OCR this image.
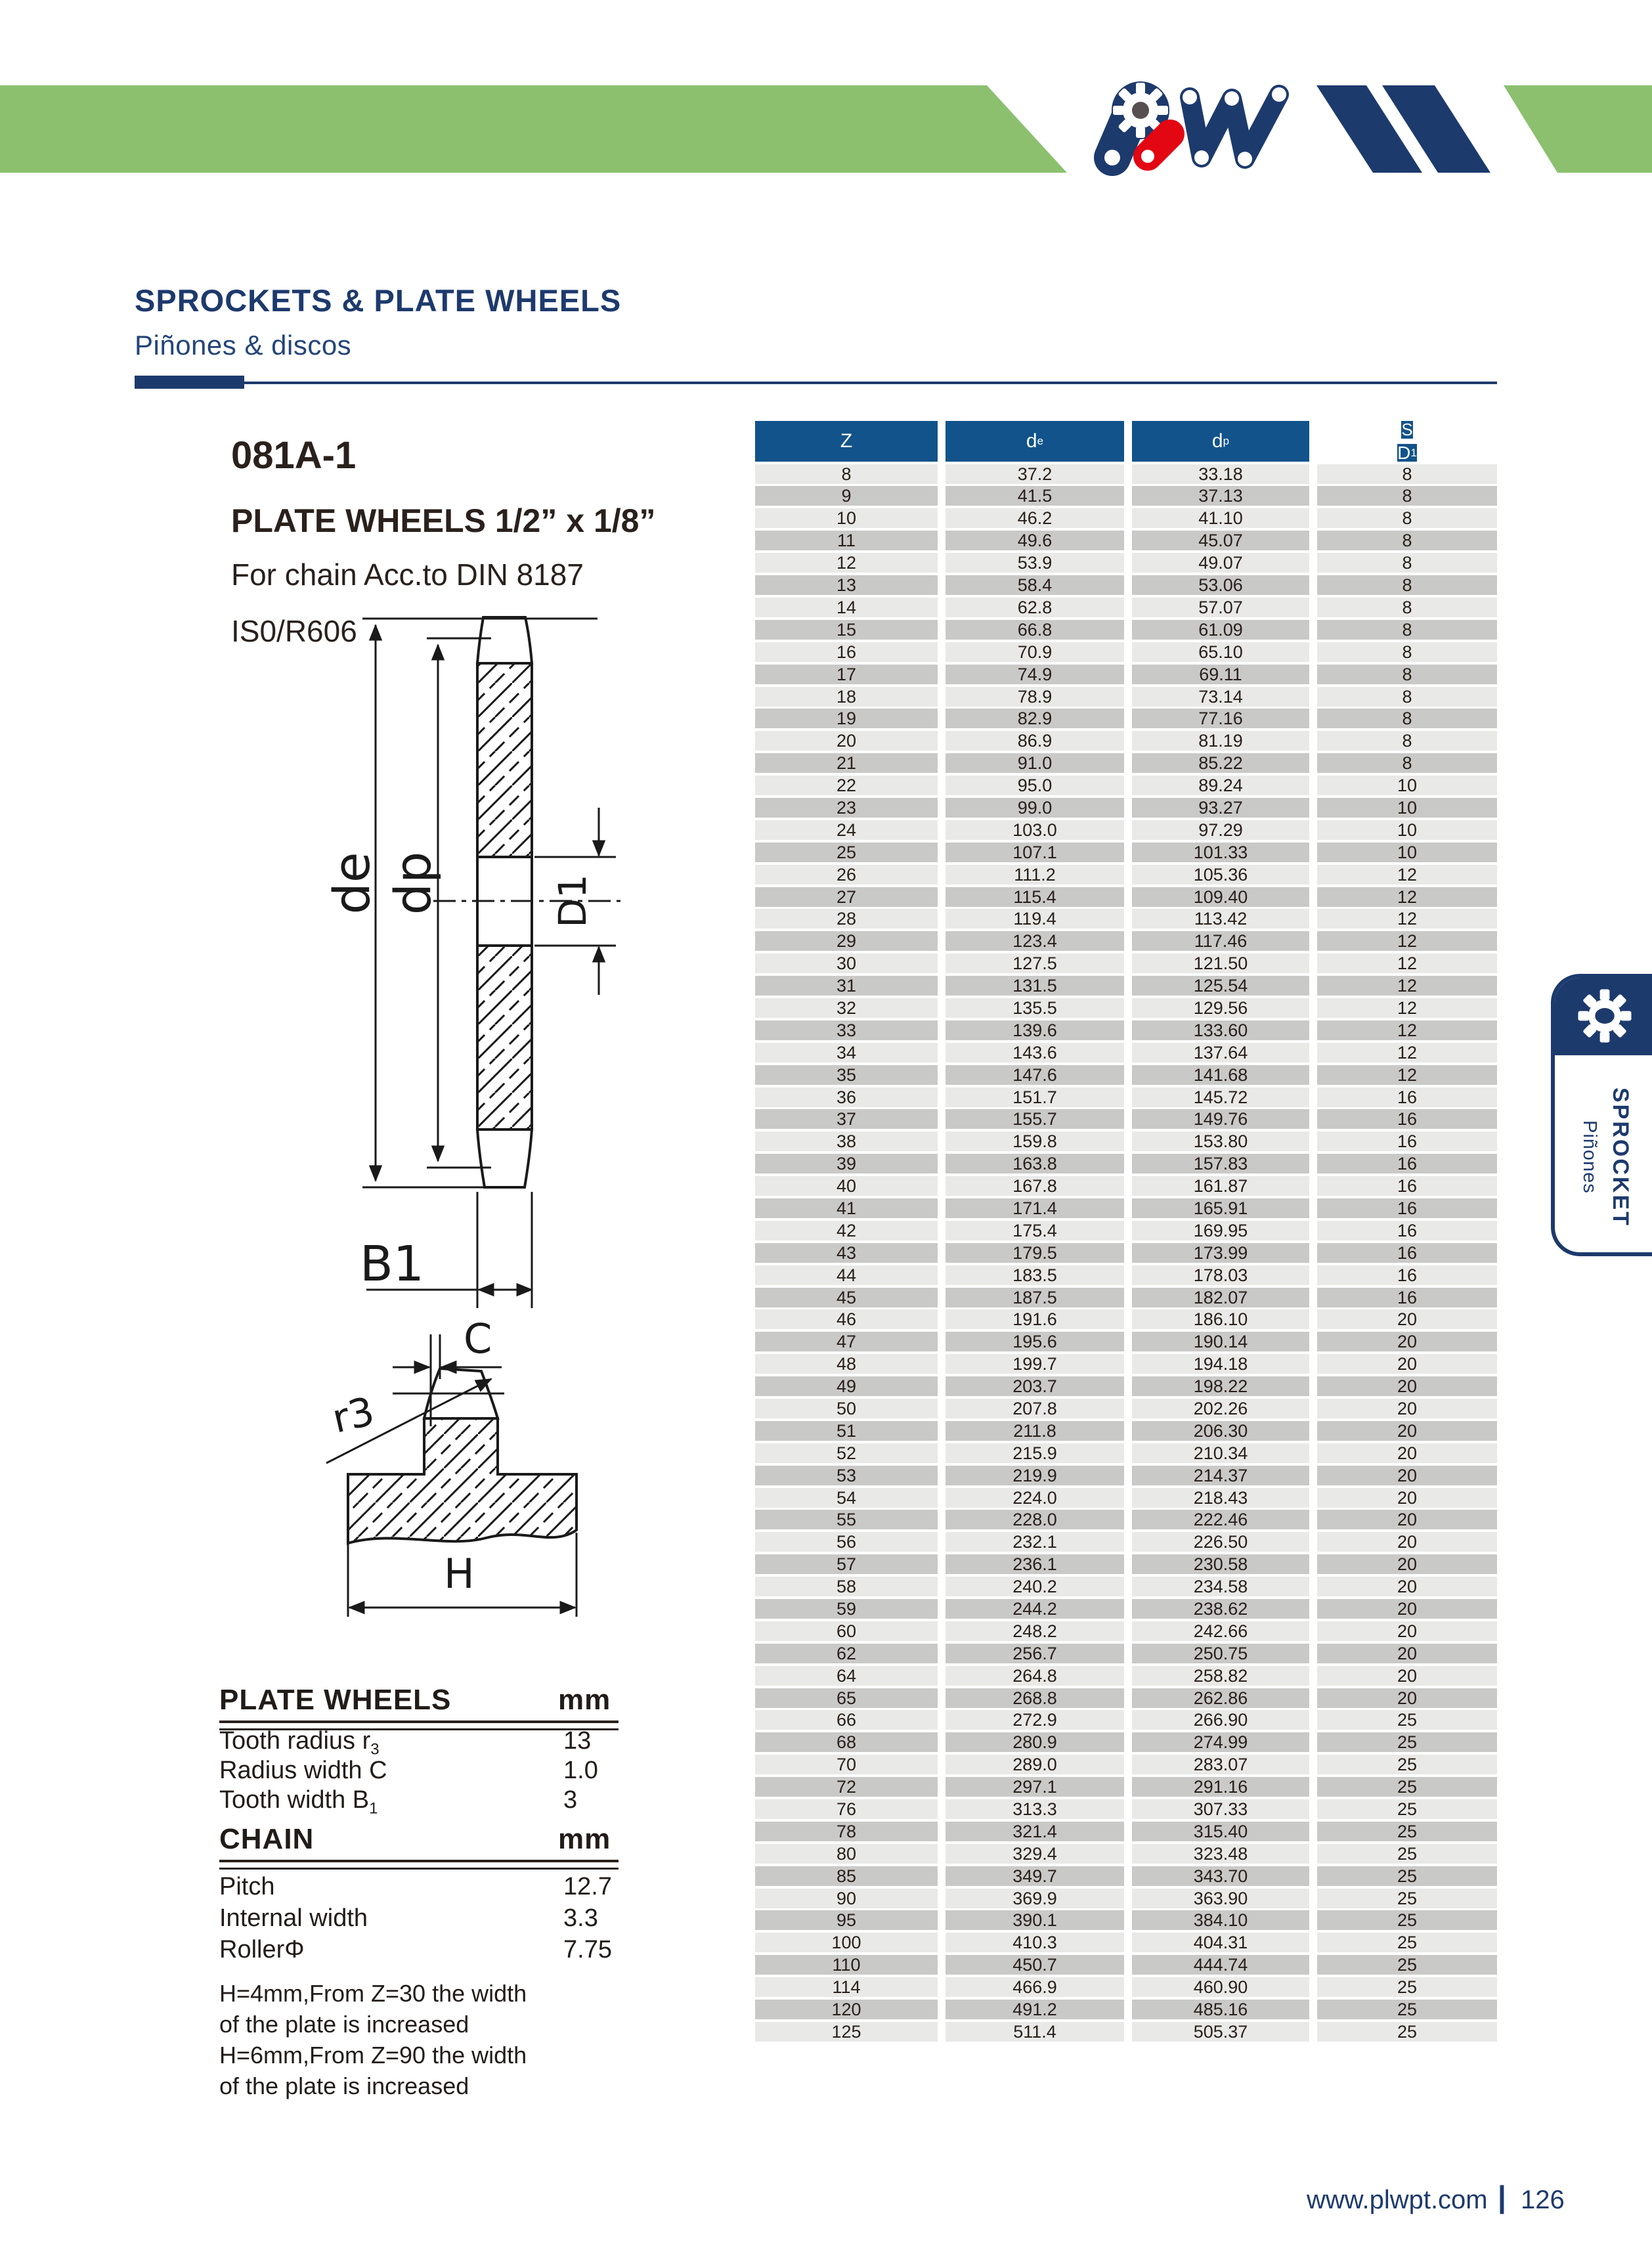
SPROCKETS & PLATE WHEELS
Piñones & discos
081A-1
PLATE WHEELS 1/2” x 1/8”
For chain Acc.to DIN 8187
IS0/R606
de dp	D1
B1
C
r3
H
PLATE WHEELS	mm
Tooth radius $r_3$	13
Radius width C	1.0
Tooth width $B_1$	3
CHAIN	mm
Pitch	12.7
Internal width	3.3
RollerΦ	7.75
H=4mm,From Z=30 the width
of the plate is increased
H=6mm,From Z=90 the width
of the plate is increased
Z	d e	d p
S
D 1
8	37.2	33.18	8
9	41.5	37.13	8
10	46.2	41.10	8
11	49.6	45.07	8
12	53.9	49.07	8
13	58.4	53.06	8
14	62.8	57.07	8
15	66.8	61.09	8
16	70.9	65.10	8
17	74.9	69.11	8
18	78.9	73.14	8
19	82.9	77.16	8
20	86.9	81.19	8
21	91.0	85.22	8
22	95.0	89.24	10
23	99.0	93.27	10
24	103.0	97.29	10
25	107.1	101.33	10
26	111.2	105.36	12
27	115.4	109.40	12
28	119.4	113.42	12
29	123.4	117.46	12
30	127.5	121.50	12
31	131.5	125.54	12
32	135.5	129.56	12
33	139.6	133.60	12
34	143.6	137.64	12
35	147.6	141.68	12
36	151.7	145.72	16
37	155.7	149.76	16
38	159.8	153.80	16
39	163.8	157.83	16
40	167.8	161.87	16
41	171.4	165.91	16
42	175.4	169.95	16
43	179.5	173.99	16
44	183.5	178.03	16
45	187.5	182.07	16
46	191.6	186.10	20
47	195.6	190.14	20
48	199.7	194.18	20
49	203.7	198.22	20
50	207.8	202.26	20
51	211.8	206.30	20
52	215.9	210.34	20
53	219.9	214.37	20
54	224.0	218.43	20
55	228.0	222.46	20
56	232.1	226.50	20
57	236.1	230.58	20
58	240.2	234.58	20
59	244.2	238.62	20
60	248.2	242.66	20
62	256.7	250.75	20
64	264.8	258.82	20
65	268.8	262.86	20
66	272.9	266.90	25
68	280.9	274.99	25
70	289.0	283.07	25
72	297.1	291.16	25
76	313.3	307.33	25
78	321.4	315.40	25
80	329.4	323.48	25
85	349.7	343.70	25
90	369.9	363.90	25
95	390.1	384.10	25
100	410.3	404.31	25
110	450.7	444.74	25
114	466.9	460.90	25
120	491.2	485.16	25
125	511.4	505.37	25
SPROCKET
Piñones
www.plwpt.com | 126
